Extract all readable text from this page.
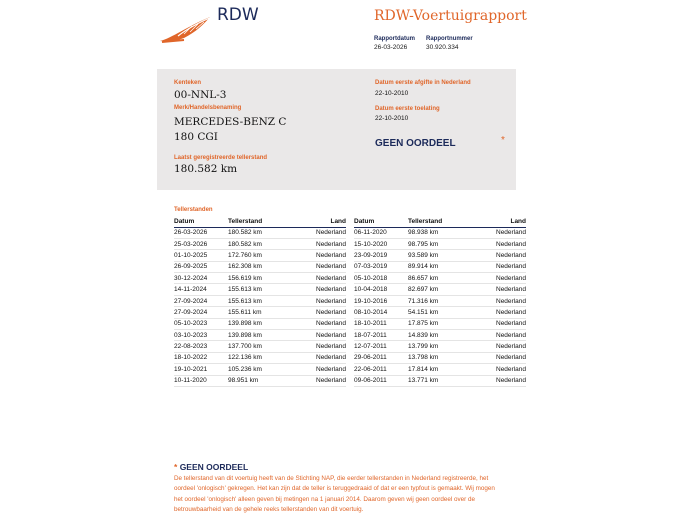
RDW	RDW-Voertuigrapport
Rapportdatum Rapportnummer
26-03-2026	30.920.334
Kenteken
00-NNL-3
Merk/Handelsbenaming
MERCEDES-BENZ C
180 CGI
Laatst geregistreerde tellerstand
180.582 km
Datum eerste afgifte in Nederland
22-10-2010
Datum eerste toelating
22-10-2010
GEEN OORDEEL	*
Tellerstanden
Datum	Tellerstand	Land
26-03-2026	180.582 km	Nederland
25-03-2026	180.582 km	Nederland
01-10-2025	172.760 km	Nederland
26-09-2025	162.308 km	Nederland
30-12-2024	156.619 km	Nederland
14-11-2024	155.613 km	Nederland
27-09-2024	155.613 km	Nederland
27-09-2024	155.611 km	Nederland
05-10-2023	139.898 km	Nederland
03-10-2023	139.898 km	Nederland
22-08-2023	137.700 km	Nederland
18-10-2022	122.136 km	Nederland
19-10-2021	105.236 km	Nederland
10-11-2020	98.951 km	Nederland
Datum	Tellerstand	Land
06-11-2020	98.938 km	Nederland
15-10-2020	98.795 km	Nederland
23-09-2019	93.589 km	Nederland
07-03-2019	89.914 km	Nederland
05-10-2018	86.657 km	Nederland
10-04-2018	82.697 km	Nederland
19-10-2016	71.316 km	Nederland
08-10-2014	54.151 km	Nederland
18-10-2011	17.875 km	Nederland
18-07-2011	14.839 km	Nederland
12-07-2011	13.799 km	Nederland
29-06-2011	13.798 km	Nederland
22-06-2011	17.814 km	Nederland
09-06-2011	13.771 km	Nederland
* GEEN OORDEEL
De tellerstand van dit voertuig heeft van de Stichting NAP, die eerder tellerstanden in Nederland registreerde, het oordeel 'onlogisch' gekregen. Het kan zijn dat de teller is teruggedraaid of dat er een typfout is gemaakt. Wij mogen het oordeel 'onlogisch' alleen geven bij metingen na 1 januari 2014. Daarom geven wij geen oordeel over de betrouwbaarheid van de gehele reeks tellerstanden van dit voertuig.
